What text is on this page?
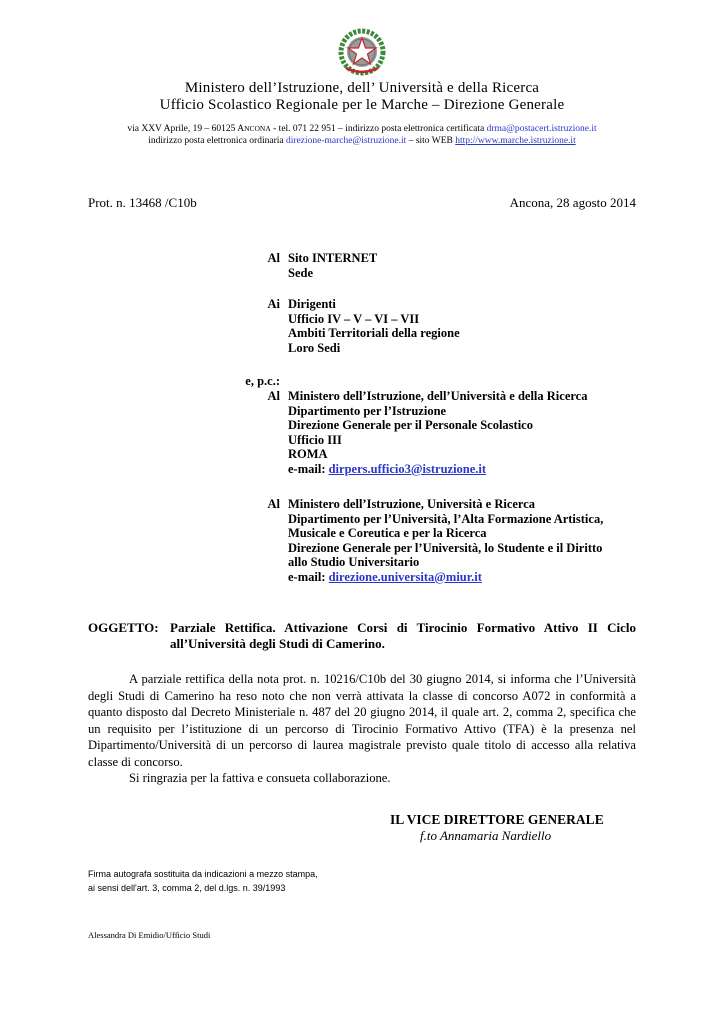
Ministero dell’Istruzione, dell’ Università e della Ricerca
Ufficio Scolastico Regionale per le Marche – Direzione Generale
via XXV Aprile, 19 – 60125 ANCONA - tel. 071 22 951 – indirizzo posta elettronica certificata drma@postacert.istruzione.it
indirizzo posta elettronica ordinaria direzione-marche@istruzione.it – sito WEB http://www.marche.istruzione.it
Prot. n. 13468 /C10b	Ancona, 28 agosto 2014
Al Sito INTERNET
Sede
Ai Dirigenti
Ufficio IV – V – VI – VII
Ambiti Territoriali della regione
Loro Sedi
e, p.c.:
Al Ministero dell’Istruzione, dell’Università e della Ricerca
Dipartimento per l’Istruzione
Direzione Generale per il Personale Scolastico
Ufficio III
ROMA
e-mail: dirpers.ufficio3@istruzione.it
Al Ministero dell’Istruzione, Università e Ricerca
Dipartimento per l’Università, l’Alta Formazione Artistica,
Musicale e Coreutica e per la Ricerca
Direzione Generale per l’Università, lo Studente e il Diritto
allo Studio Universitario
e-mail: direzione.universita@miur.it
OGGETTO: Parziale Rettifica. Attivazione Corsi di Tirocinio Formativo Attivo II Ciclo
all’Università degli Studi di Camerino.

A parziale rettifica della nota prot. n. 10216/C10b del 30 giugno 2014, si informa che l’Università degli Studi di Camerino ha reso noto che non verrà attivata la classe di concorso A072 in conformità a quanto disposto dal Decreto Ministeriale n. 487 del 20 giugno 2014, il quale art. 2, comma 2, specifica che un requisito per l’istituzione di un percorso di Tirocinio Formativo Attivo (TFA) è la presenza nel Dipartimento/Università di un percorso di laurea magistrale previsto quale titolo di accesso alla relativa classe di concorso.

Si ringrazia per la fattiva e consueta collaborazione.

IL VICE DIRETTORE GENERALE
f.to Annamaria Nardiello
Firma autografa sostituita da indicazioni a mezzo stampa,
ai sensi dell'art. 3, comma 2, del d.lgs. n. 39/1993
Alessandra Di Emidio/Ufficio Studi
